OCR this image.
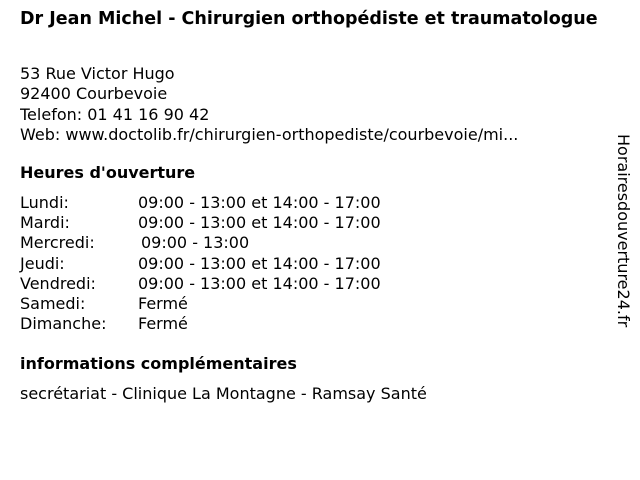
Dr Jean Michel - Chirurgien orthopédiste et traumatologue
53 Rue Victor Hugo
92400 Courbevoie
Telefon: 01 41 16 90 42
Web: www.doctolib.fr/chirurgien-orthopediste/courbevoie/mi...
Heures d'ouverture
Lundi:	09:00 - 13:00 et 14:00 - 17:00
Mardi:	09:00 - 13:00 et 14:00 - 17:00
Mercredi:	09:00 - 13:00
Jeudi:	09:00 - 13:00 et 14:00 - 17:00
Vendredi:	09:00 - 13:00 et 14:00 - 17:00
Samedi:	Fermé
Dimanche:	Fermé
informations complémentaires
secrétariat - Clinique La Montagne - Ramsay Santé
Horairesdouverture24.fr
